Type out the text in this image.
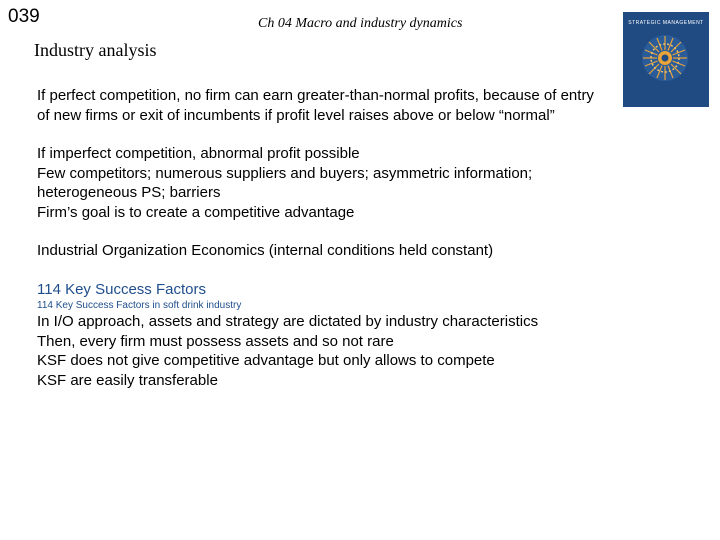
039	Ch 04 Macro and industry dynamics
Industry analysis
STRATEGIC MANAGEMENT

If perfect competition, no firm can earn greater-than-normal profits, because of entry of new firms or exit of incumbents if profit level raises above or below “normal”

If imperfect competition, abnormal profit possible
Few competitors; numerous suppliers and buyers; asymmetric information; heterogeneous PS; barriers
Firm’s goal is to create a competitive advantage
Industrial Organization Economics (internal conditions held constant)
114 Key Success Factors
114 Key Success Factors in soft drink industry
In I/O approach, assets and strategy are dictated by industry characteristics
Then, every firm must possess assets and so not rare
KSF does not give competitive advantage but only allows to compete
KSF are easily transferable
